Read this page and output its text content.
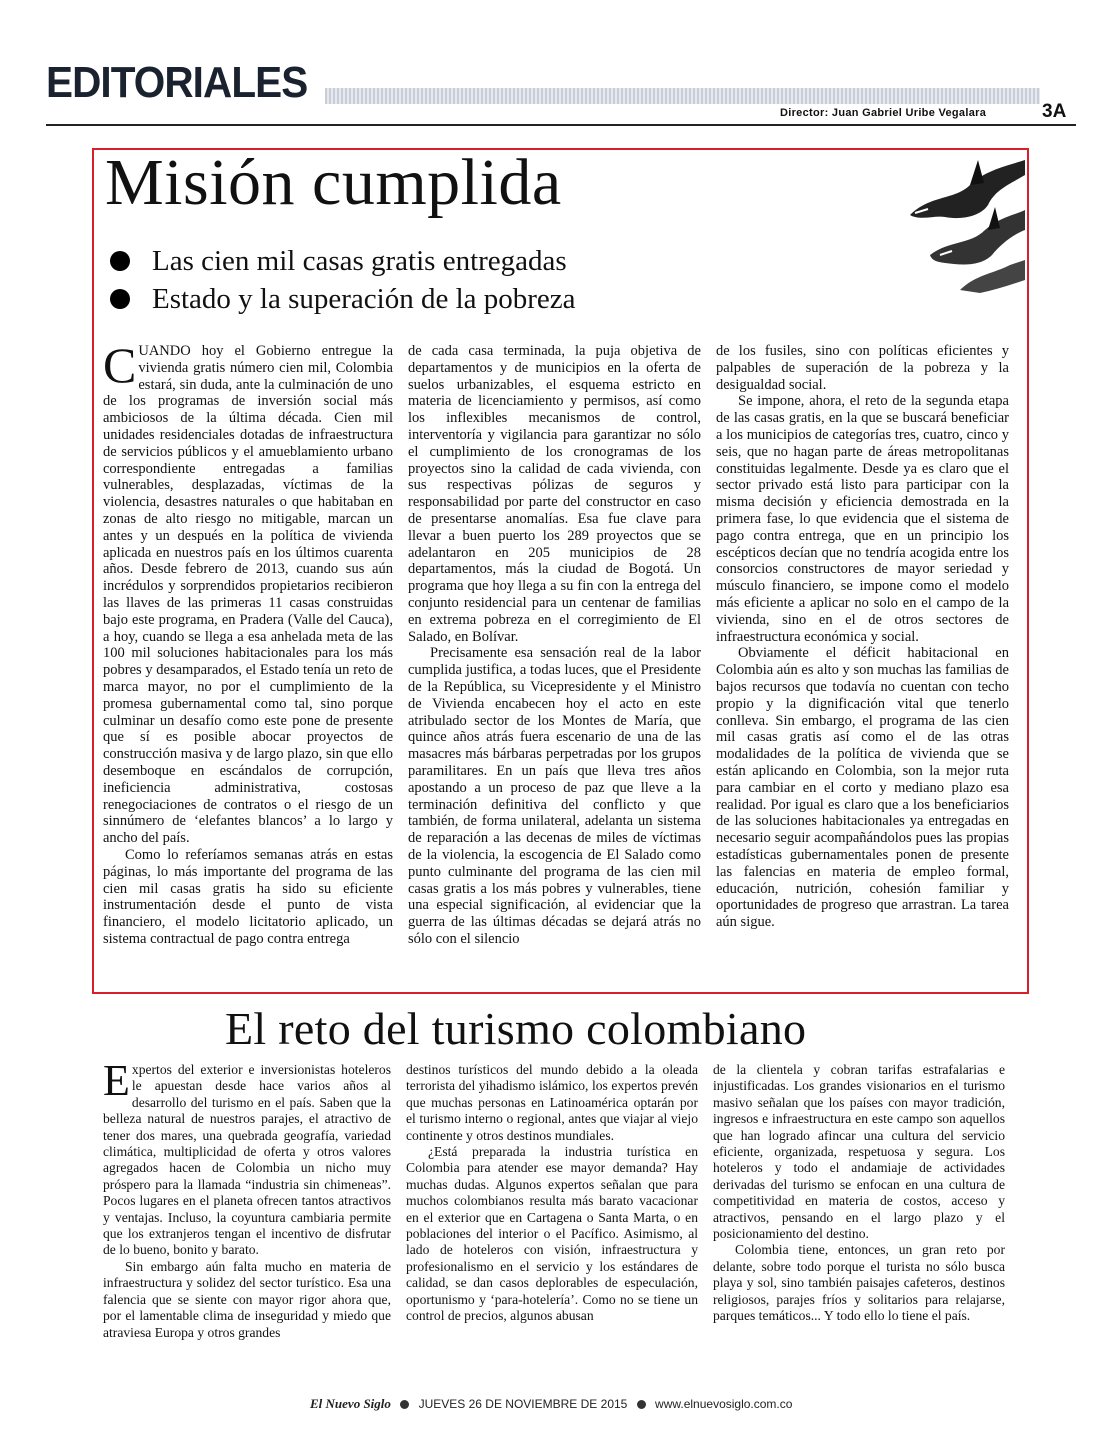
EDITORIALES
Director: Juan Gabriel Uribe Vegalara	3A
Misión cumplida
Las cien mil casas gratis entregadas
Estado y la superación de la pobreza

CUANDO hoy el Gobierno entregue la vivienda gratis número cien mil, Colombia estará, sin duda, ante la culminación de uno de los programas de inversión social más ambiciosos de la última década. Cien mil unidades residenciales dotadas de infraestructura de servicios públicos y el amueblamiento urbano correspondiente entregadas a familias vulnerables, desplazadas, víctimas de la violencia, desastres naturales o que habitaban en zonas de alto riesgo no mitigable, marcan un antes y un después en la política de vivienda aplicada en nuestros país en los últimos cuarenta años. Desde febrero de 2013, cuando sus aún incrédulos y sorprendidos propietarios recibieron las llaves de las primeras 11 casas construidas bajo este programa, en Pradera (Valle del Cauca), a hoy, cuando se llega a esa anhelada meta de las 100 mil soluciones habitacionales para los más pobres y desamparados, el Estado tenía un reto de marca mayor, no por el cumplimiento de la promesa gubernamental como tal, sino porque culminar un desafío como este pone de presente que sí es posible abocar proyectos de construcción masiva y de largo plazo, sin que ello desemboque en escándalos de corrupción, ineficiencia administrativa, costosas renegociaciones de contratos o el riesgo de un sinnúmero de ‘elefantes blancos’ a lo largo y ancho del país.

Como lo referíamos semanas atrás en estas páginas, lo más importante del programa de las cien mil casas gratis ha sido su eficiente instrumentación desde el punto de vista financiero, el modelo licitatorio aplicado, un sistema contractual de pago contra entrega

de cada casa terminada, la puja objetiva de departamentos y de municipios en la oferta de suelos urbanizables, el esquema estricto en materia de licenciamiento y permisos, así como los inflexibles mecanismos de control, interventoría y vigilancia para garantizar no sólo el cumplimiento de los cronogramas de los proyectos sino la calidad de cada vivienda, con sus respectivas pólizas de seguros y responsabilidad por parte del constructor en caso de presentarse anomalías. Esa fue clave para llevar a buen puerto los 289 proyectos que se adelantaron en 205 municipios de 28 departamentos, más la ciudad de Bogotá. Un programa que hoy llega a su fin con la entrega del conjunto residencial para un centenar de familias en extrema pobreza en el corregimiento de El Salado, en Bolívar.

Precisamente esa sensación real de la labor cumplida justifica, a todas luces, que el Presidente de la República, su Vicepresidente y el Ministro de Vivienda encabecen hoy el acto en este atribulado sector de los Montes de María, que quince años atrás fuera escenario de una de las masacres más bárbaras perpetradas por los grupos paramilitares. En un país que lleva tres años apostando a un proceso de paz que lleve a la terminación definitiva del conflicto y que también, de forma unilateral, adelanta un sistema de reparación a las decenas de miles de víctimas de la violencia, la escogencia de El Salado como punto culminante del programa de las cien mil casas gratis a los más pobres y vulnerables, tiene una especial significación, al evidenciar que la guerra de las últimas décadas se dejará atrás no sólo con el silencio

de los fusiles, sino con políticas eficientes y palpables de superación de la pobreza y la desigualdad social.

Se impone, ahora, el reto de la segunda etapa de las casas gratis, en la que se buscará beneficiar a los municipios de categorías tres, cuatro, cinco y seis, que no hagan parte de áreas metropolitanas constituidas legalmente. Desde ya es claro que el sector privado está listo para participar con la misma decisión y eficiencia demostrada en la primera fase, lo que evidencia que el sistema de pago contra entrega, que en un principio los escépticos decían que no tendría acogida entre los consorcios constructores de mayor seriedad y músculo financiero, se impone como el modelo más eficiente a aplicar no solo en el campo de la vivienda, sino en el de otros sectores de infraestructura económica y social.

Obviamente el déficit habitacional en Colombia aún es alto y son muchas las familias de bajos recursos que todavía no cuentan con techo propio y la dignificación vital que tenerlo conlleva. Sin embargo, el programa de las cien mil casas gratis así como el de las otras modalidades de la política de vivienda que se están aplicando en Colombia, son la mejor ruta para cambiar en el corto y mediano plazo esa realidad. Por igual es claro que a los beneficiarios de las soluciones habitacionales ya entregadas en necesario seguir acompañándolos pues las propias estadísticas gubernamentales ponen de presente las falencias en materia de empleo formal, educación, nutrición, cohesión familiar y oportunidades de progreso que arrastran. La tarea aún sigue.

El reto del turismo colombiano

Expertos del exterior e inversionistas hoteleros le apuestan desde hace varios años al desarrollo del turismo en el país. Saben que la belleza natural de nuestros parajes, el atractivo de tener dos mares, una quebrada geografía, variedad climática, multiplicidad de oferta y otros valores agregados hacen de Colombia un nicho muy próspero para la llamada “industria sin chimeneas”. Pocos lugares en el planeta ofrecen tantos atractivos y ventajas. Incluso, la coyuntura cambiaria permite que los extranjeros tengan el incentivo de disfrutar de lo bueno, bonito y barato.

Sin embargo aún falta mucho en materia de infraestructura y solidez del sector turístico. Esa una falencia que se siente con mayor rigor ahora que, por el lamentable clima de inseguridad y miedo que atraviesa Europa y otros grandes

destinos turísticos del mundo debido a la oleada terrorista del yihadismo islámico, los expertos prevén que muchas personas en Latinoamérica optarán por el turismo interno o regional, antes que viajar al viejo continente y otros destinos mundiales.

¿Está preparada la industria turística en Colombia para atender ese mayor demanda? Hay muchas dudas. Algunos expertos señalan que para muchos colombianos resulta más barato vacacionar en el exterior que en Cartagena o Santa Marta, o en poblaciones del interior o el Pacífico. Asimismo, al lado de hoteleros con visión, infraestructura y profesionalismo en el servicio y los estándares de calidad, se dan casos deplorables de especulación, oportunismo y ‘para-hotelería’. Como no se tiene un control de precios, algunos abusan

de la clientela y cobran tarifas estrafalarias e injustificadas. Los grandes visionarios en el turismo masivo señalan que los países con mayor tradición, ingresos e infraestructura en este campo son aquellos que han logrado afincar una cultura del servicio eficiente, organizada, respetuosa y segura. Los hoteleros y todo el andamiaje de actividades derivadas del turismo se enfocan en una cultura de competitividad en materia de costos, acceso y atractivos, pensando en el largo plazo y el posicionamiento del destino.

Colombia tiene, entonces, un gran reto por delante, sobre todo porque el turista no sólo busca playa y sol, sino también paisajes cafeteros, destinos religiosos, parajes fríos y solitarios para relajarse, parques temáticos... Y todo ello lo tiene el país.

El Nuevo Siglo JUEVES 26 DE NOVIEMBRE DE 2015 www.elnuevosiglo.com.co
